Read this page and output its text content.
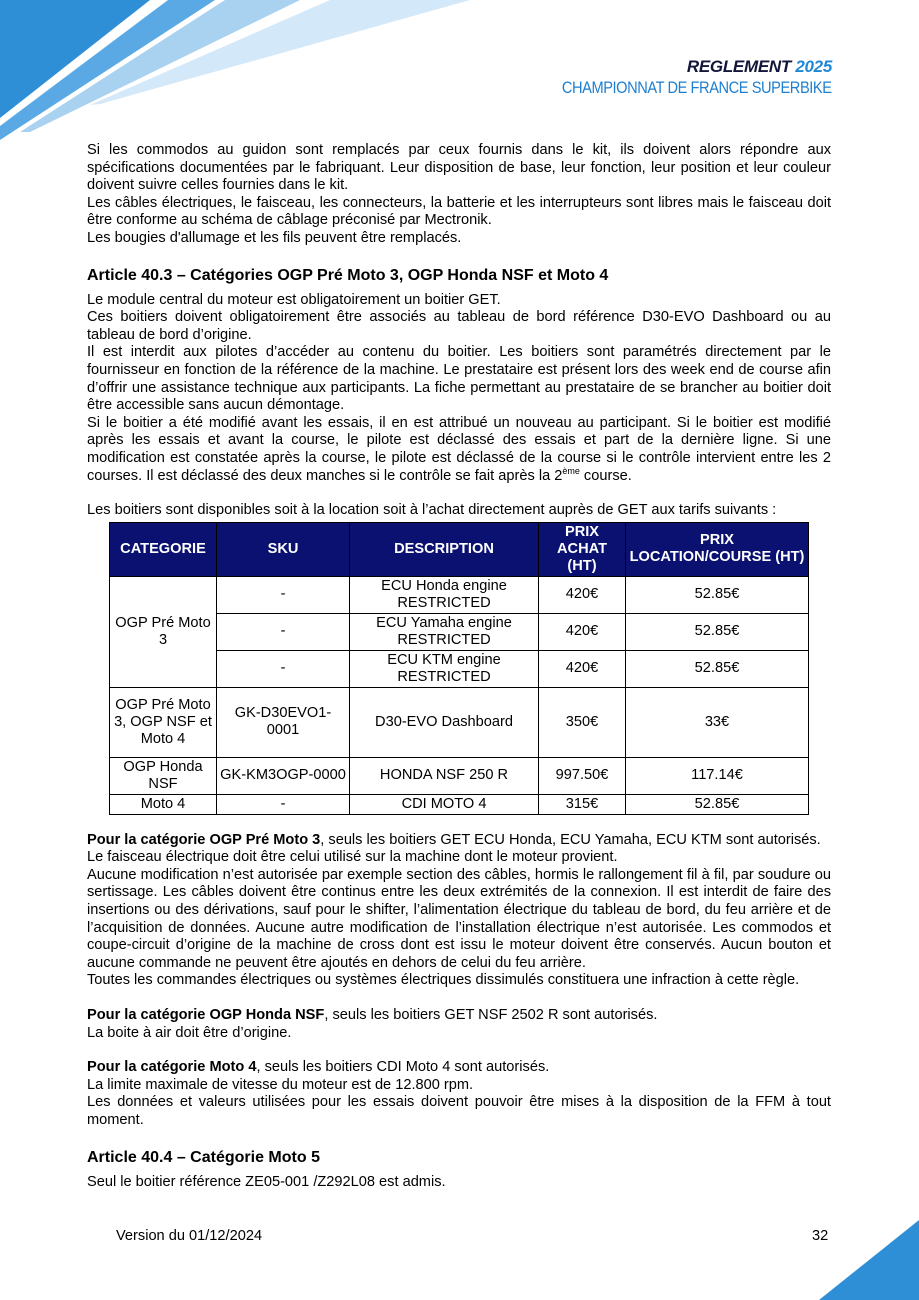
REGLEMENT 2025
CHAMPIONNAT DE FRANCE SUPERBIKE

Si les commodos au guidon sont remplacés par ceux fournis dans le kit, ils doivent alors répondre aux spécifications documentées par le fabriquant. Leur disposition de base, leur fonction, leur position et leur couleur doivent suivre celles fournies dans le kit.

Les câbles électriques, le faisceau, les connecteurs, la batterie et les interrupteurs sont libres mais le faisceau doit être conforme au schéma de câblage préconisé par Mectronik.

Les bougies d'allumage et les fils peuvent être remplacés.

Article 40.3 – Catégories OGP Pré Moto 3, OGP Honda NSF et Moto 4

Le module central du moteur est obligatoirement un boitier GET.

Ces boitiers doivent obligatoirement être associés au tableau de bord référence D30-EVO Dashboard ou au tableau de bord d’origine.

Il est interdit aux pilotes d’accéder au contenu du boitier. Les boitiers sont paramétrés directement par le fournisseur en fonction de la référence de la machine. Le prestataire est présent lors des week end de course afin d’offrir une assistance technique aux participants. La fiche permettant au prestataire de se brancher au boitier doit être accessible sans aucun démontage.

Si le boitier a été modifié avant les essais, il en est attribué un nouveau au participant. Si le boitier est modifié après les essais et avant la course, le pilote est déclassé des essais et part de la dernière ligne. Si une modification est constatée après la course, le pilote est déclassé de la course si le contrôle intervient entre les 2 courses. Il est déclassé des deux manches si le contrôle se fait après la 2ème course.

Les boitiers sont disponibles soit à la location soit à l’achat directement auprès de GET aux tarifs suivants :

CATEGORIE	SKU	DESCRIPTION	PRIX ACHAT (HT)	PRIX LOCATION/COURSE (HT)
OGP Pré Moto 3	-	ECU Honda engine RESTRICTED	420€	52.85€
	-	ECU Yamaha engine RESTRICTED	420€	52.85€
	-	ECU KTM engine RESTRICTED	420€	52.85€
OGP Pré Moto 3, OGP NSF et Moto 4	GK-D30EVO1-0001	D30-EVO Dashboard	350€	33€
OGP Honda NSF	GK-KM3OGP-0000	HONDA NSF 250 R	997.50€	117.14€
Moto 4	-	CDI MOTO 4	315€	52.85€

Pour la catégorie OGP Pré Moto 3, seuls les boitiers GET ECU Honda, ECU Yamaha, ECU KTM sont autorisés.

Le faisceau électrique doit être celui utilisé sur la machine dont le moteur provient.

Aucune modification n’est autorisée par exemple section des câbles, hormis le rallongement fil à fil, par soudure ou sertissage. Les câbles doivent être continus entre les deux extrémités de la connexion. Il est interdit de faire des insertions ou des dérivations, sauf pour le shifter, l’alimentation électrique du tableau de bord, du feu arrière et de l’acquisition de données. Aucune autre modification de l’installation électrique n’est autorisée. Les commodos et coupe-circuit d’origine de la machine de cross dont est issu le moteur doivent être conservés. Aucun bouton et aucune commande ne peuvent être ajoutés en dehors de celui du feu arrière.

Toutes les commandes électriques ou systèmes électriques dissimulés constituera une infraction à cette règle.

Pour la catégorie OGP Honda NSF, seuls les boitiers GET NSF 2502 R sont autorisés.

La boite à air doit être d’origine.

Pour la catégorie Moto 4, seuls les boitiers CDI Moto 4 sont autorisés.

La limite maximale de vitesse du moteur est de 12.800 rpm.

Les données et valeurs utilisées pour les essais doivent pouvoir être mises à la disposition de la FFM à tout moment.

Article 40.4 – Catégorie Moto 5

Seul le boitier référence ZE05-001 /Z292L08 est admis.

Version du 01/12/2024	32
